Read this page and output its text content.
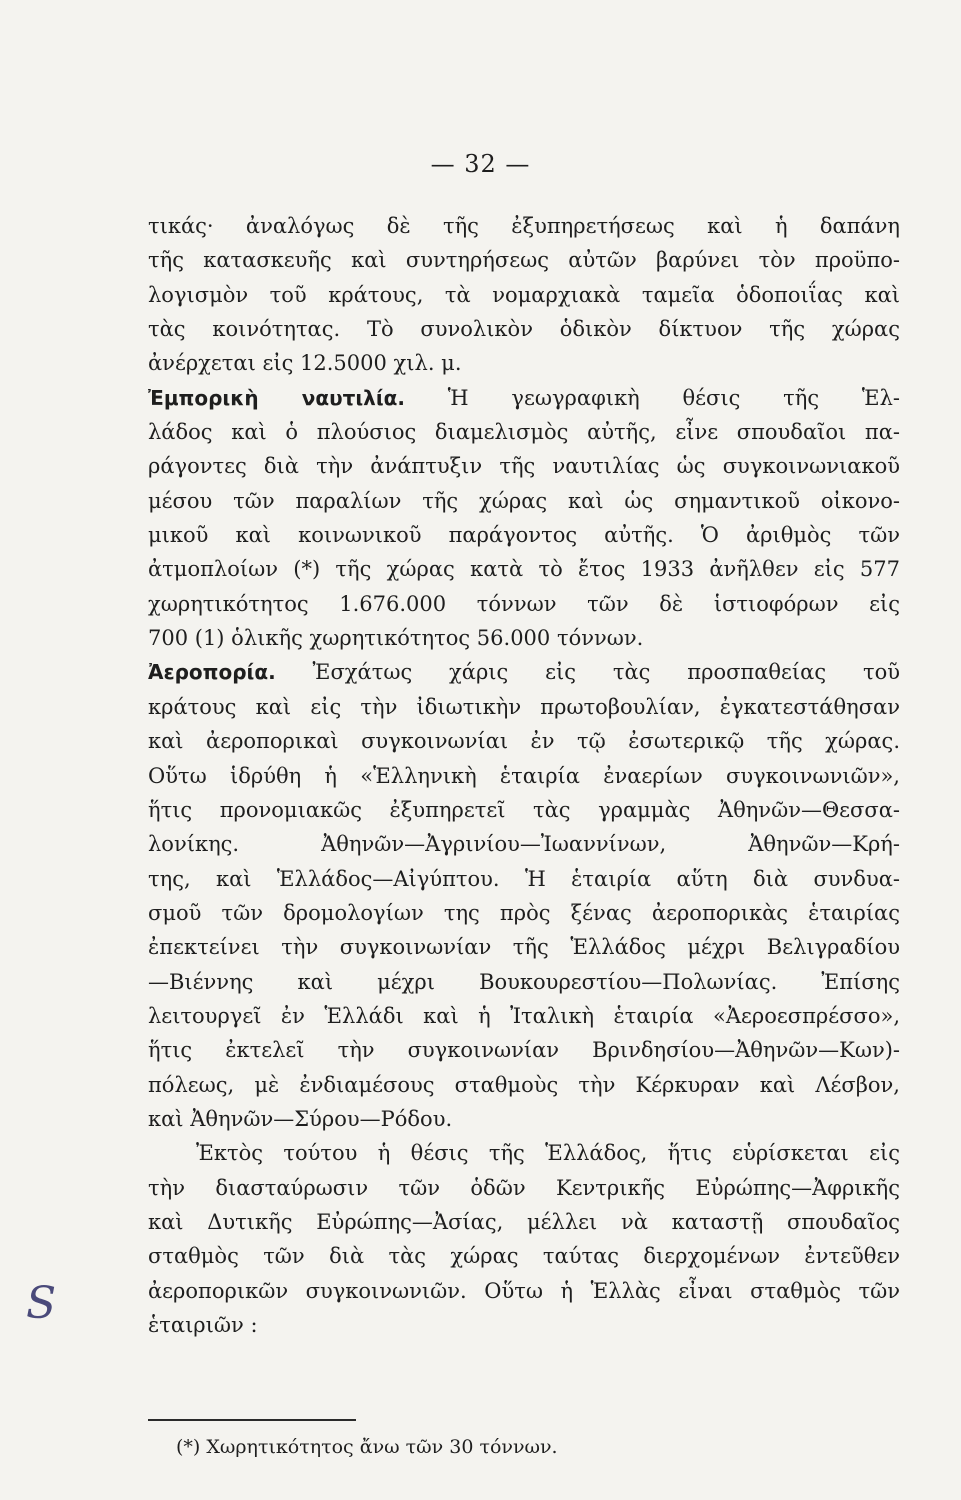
— 32 —
τικάς· ἀναλόγως δὲ τῆς ἐξυπηρετήσεως καὶ ἡ δαπάνη
τῆς κατασκευῆς καὶ συντηρήσεως αὐτῶν βαρύνει τὸν προϋπο-
λογισμὸν τοῦ κράτους, τὰ νομαρχιακὰ ταμεῖα ὁδοποιΐας καὶ
τὰς κοινότητας. Τὸ συνολικὸν ὁδικὸν δίκτυον τῆς χώρας
ἀνέρχεται εἰς 12.5000 χιλ. μ.
Ἐμπορικὴ ναυτιλία. Ἡ γεωγραφικὴ θέσις τῆς Ἑλ-
λάδος καὶ ὁ πλούσιος διαμελισμὸς αὐτῆς, εἶνε σπουδαῖοι πα-
ράγοντες διὰ τὴν ἀνάπτυξιν τῆς ναυτιλίας ὡς συγκοινωνιακοῦ
μέσου τῶν παραλίων τῆς χώρας καὶ ὡς σημαντικοῦ οἰκονο-
μικοῦ καὶ κοινωνικοῦ παράγοντος αὐτῆς. Ὁ ἀριθμὸς τῶν
ἀτμοπλοίων (*) τῆς χώρας κατὰ τὸ ἔτος 1933 ἀνῆλθεν εἰς 577
χωρητικότητος 1.676.000 τόννων τῶν δὲ ἱστιοφόρων εἰς
700 (1) ὁλικῆς χωρητικότητος 56.000 τόννων.
Ἀεροπορία. Ἐσχάτως χάρις εἰς τὰς προσπαθείας τοῦ
κράτους καὶ εἰς τὴν ἰδιωτικὴν πρωτοβουλίαν, ἐγκατεστάθησαν
καὶ ἀεροπορικαὶ συγκοινωνίαι ἐν τῷ ἐσωτερικῷ τῆς χώρας.
Οὕτω ἱδρύθη ἡ «Ἑλληνικὴ ἑταιρία ἐναερίων συγκοινωνιῶν»,
ἥτις προνομιακῶς ἐξυπηρετεῖ τὰς γραμμὰς Ἀθηνῶν—Θεσσα-
λονίκης. Ἀθηνῶν—Ἀγρινίου—Ἰωαννίνων, Ἀθηνῶν—Κρή-
της, καὶ Ἑλλάδος—Αἰγύπτου. Ἡ ἑταιρία αὕτη διὰ συνδυα-
σμοῦ τῶν δρομολογίων της πρὸς ξένας ἀεροπορικὰς ἑταιρίας
ἐπεκτείνει τὴν συγκοινωνίαν τῆς Ἑλλάδος μέχρι Βελιγραδίου
—Βιέννης καὶ μέχρι Βουκουρεστίου—Πολωνίας. Ἐπίσης
λειτουργεῖ ἐν Ἑλλάδι καὶ ἡ Ἰταλικὴ ἑταιρία «Ἀεροεσπρέσσο»,
ἥτις ἐκτελεῖ τὴν συγκοινωνίαν Βρινδησίου—Ἀθηνῶν—Κων)-
πόλεως, μὲ ἐνδιαμέσους σταθμοὺς τὴν Κέρκυραν καὶ Λέσβον,
καὶ Ἀθηνῶν—Σύρου—Ρόδου.
Ἐκτὸς τούτου ἡ θέσις τῆς Ἑλλάδος, ἥτις εὑρίσκεται εἰς
τὴν διασταύρωσιν τῶν ὁδῶν Κεντρικῆς Εὐρώπης—Ἀφρικῆς
καὶ Δυτικῆς Εὐρώπης—Ἀσίας, μέλλει νὰ καταστῇ σπουδαῖος
σταθμὸς τῶν διὰ τὰς χώρας ταύτας διερχομένων ἐντεῦθεν
ἀεροπορικῶν συγκοινωνιῶν. Οὕτω ἡ Ἑλλὰς εἶναι σταθμὸς τῶν
ἑταιριῶν :
(*) Χωρητικότητος ἄνω τῶν 30 τόννων.
S
